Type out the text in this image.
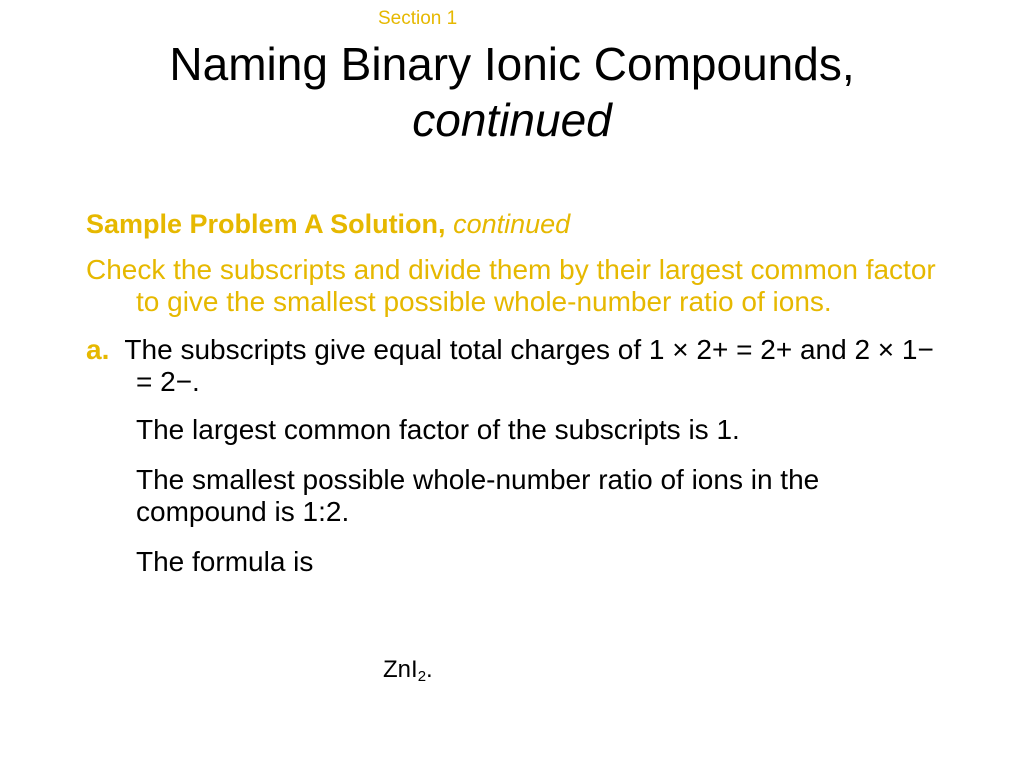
Section 1
Naming Binary Ionic Compounds,
continued
Sample Problem A Solution, continued
Check the subscripts and divide them by their largest common factor to give the smallest possible whole-number ratio of ions.
a. The subscripts give equal total charges of 1 × 2+ = 2+ and 2 × 1− = 2−.
The largest common factor of the subscripts is 1.
The smallest possible whole-number ratio of ions in the compound is 1:2.
The formula is
ZnI$_2$.
